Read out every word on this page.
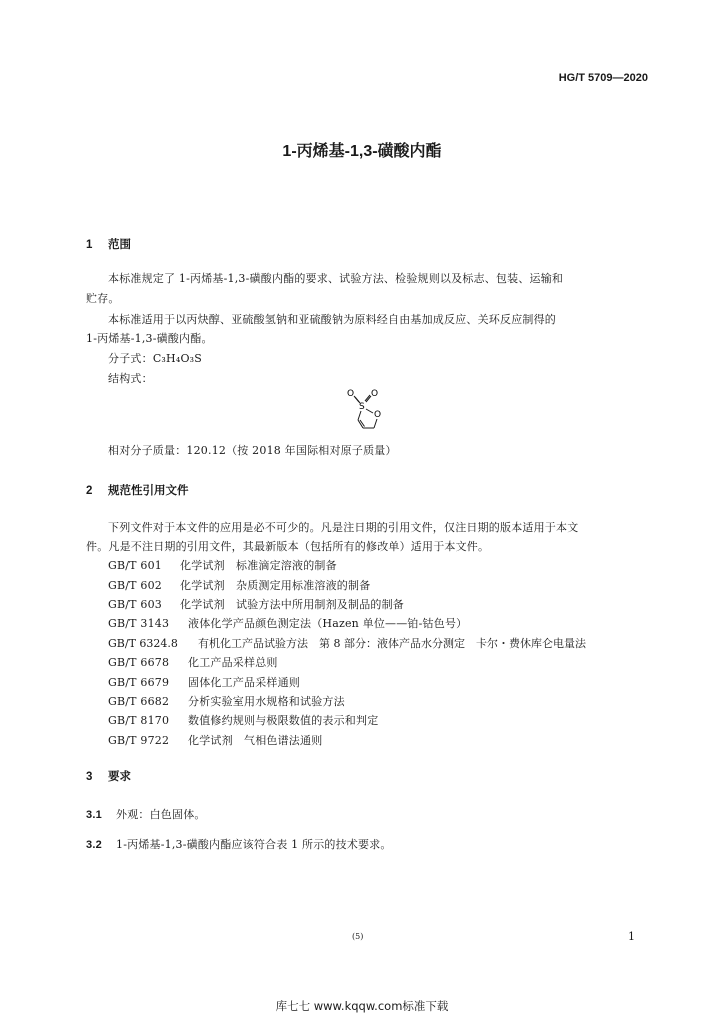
HG/T 5709—2020
1-丙烯基-1,3-磺酸内酯
1 范围
本标准规定了 1-丙烯基-1,3-磺酸内酯的要求、试验方法、检验规则以及标志、包装、运输和
贮存。
本标准适用于以丙炔醇、亚硫酸氢钠和亚硫酸钠为原料经自由基加成反应、关环反应制得的
1-丙烯基-1,3-磺酸内酯。
分子式：C₃H₄O₃S
结构式：
O O
S
O
相对分子质量：120.12（按 2018 年国际相对原子质量）
2 规范性引用文件
下列文件对于本文件的应用是必不可少的。凡是注日期的引用文件，仅注日期的版本适用于本文
件。凡是不注日期的引用文件，其最新版本（包括所有的修改单）适用于本文件。
GB/T 601 化学试剂　标准滴定溶液的制备
GB/T 602 化学试剂　杂质测定用标准溶液的制备
GB/T 603 化学试剂　试验方法中所用制剂及制品的制备
GB/T 3143 液体化学产品颜色测定法（Hazen 单位——铂-钴色号）
GB/T 6324.8 有机化工产品试验方法　第 8 部分：液体产品水分测定　卡尔・费休库仑电量法
GB/T 6678 化工产品采样总则
GB/T 6679 固体化工产品采样通则
GB/T 6682 分析实验室用水规格和试验方法
GB/T 8170 数值修约规则与极限数值的表示和判定
GB/T 9722 化学试剂　气相色谱法通则
3 要求
3.1 外观：白色固体。
3.2 1-丙烯基-1,3-磺酸内酯应该符合表 1 所示的技术要求。
(5)	1
库七七 www.kqqw.com标准下载
